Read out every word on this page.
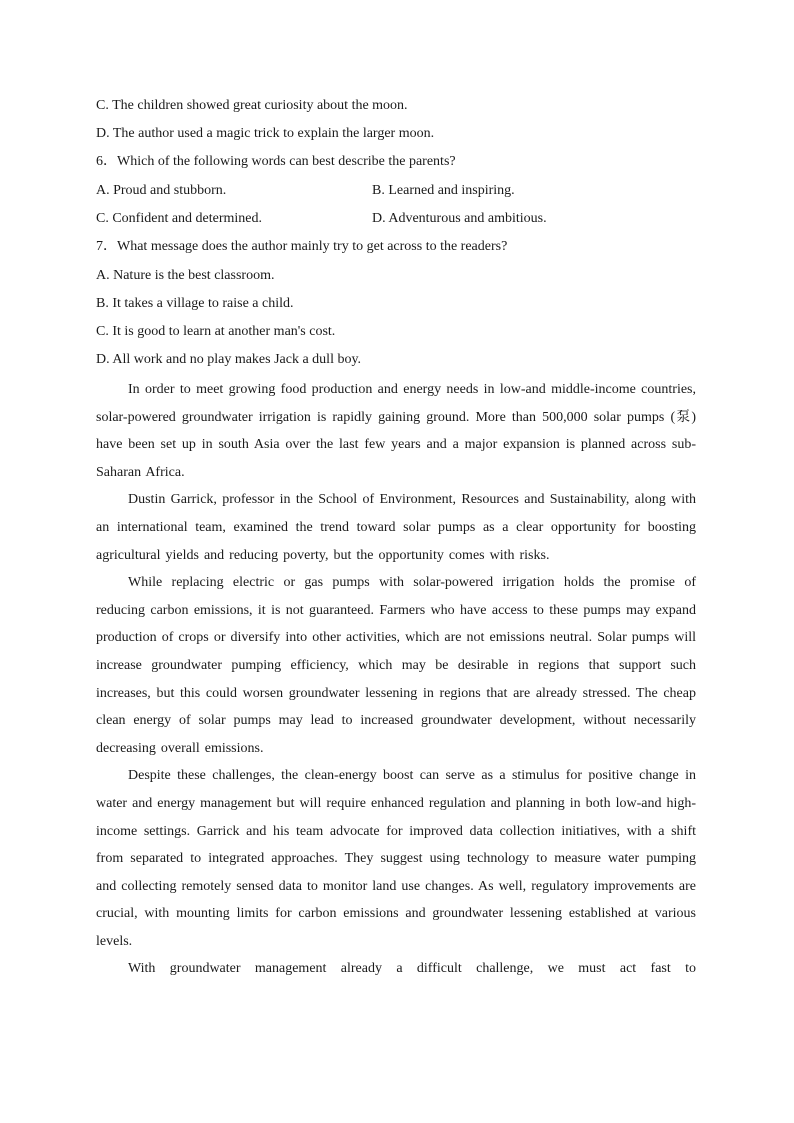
C. The children showed great curiosity about the moon.
D. The author used a magic trick to explain the larger moon.
6．Which of the following words can best describe the parents?
A. Proud and stubborn.	B. Learned and inspiring.
C. Confident and determined.	D. Adventurous and ambitious.
7．What message does the author mainly try to get across to the readers?
A. Nature is the best classroom.
B. It takes a village to raise a child.
C. It is good to learn at another man's cost.
D. All work and no play makes Jack a dull boy.

In order to meet growing food production and energy needs in low-and middle-income countries, solar-powered groundwater irrigation is rapidly gaining ground. More than 500,000 solar pumps (泵) have been set up in south Asia over the last few years and a major expansion is planned across sub-Saharan Africa.

Dustin Garrick, professor in the School of Environment, Resources and Sustainability, along with an international team, examined the trend toward solar pumps as a clear opportunity for boosting agricultural yields and reducing poverty, but the opportunity comes with risks.

While replacing electric or gas pumps with solar-powered irrigation holds the promise of reducing carbon emissions, it is not guaranteed. Farmers who have access to these pumps may expand production of crops or diversify into other activities, which are not emissions neutral. Solar pumps will increase groundwater pumping efficiency, which may be desirable in regions that support such increases, but this could worsen groundwater lessening in regions that are already stressed. The cheap clean energy of solar pumps may lead to increased groundwater development, without necessarily decreasing overall emissions.

Despite these challenges, the clean-energy boost can serve as a stimulus for positive change in water and energy management but will require enhanced regulation and planning in both low-and high-income settings. Garrick and his team advocate for improved data collection initiatives, with a shift from separated to integrated approaches. They suggest using technology to measure water pumping and collecting remotely sensed data to monitor land use changes. As well, regulatory improvements are crucial, with mounting limits for carbon emissions and groundwater lessening established at various levels.

With groundwater management already a difficult challenge, we must act fast to
